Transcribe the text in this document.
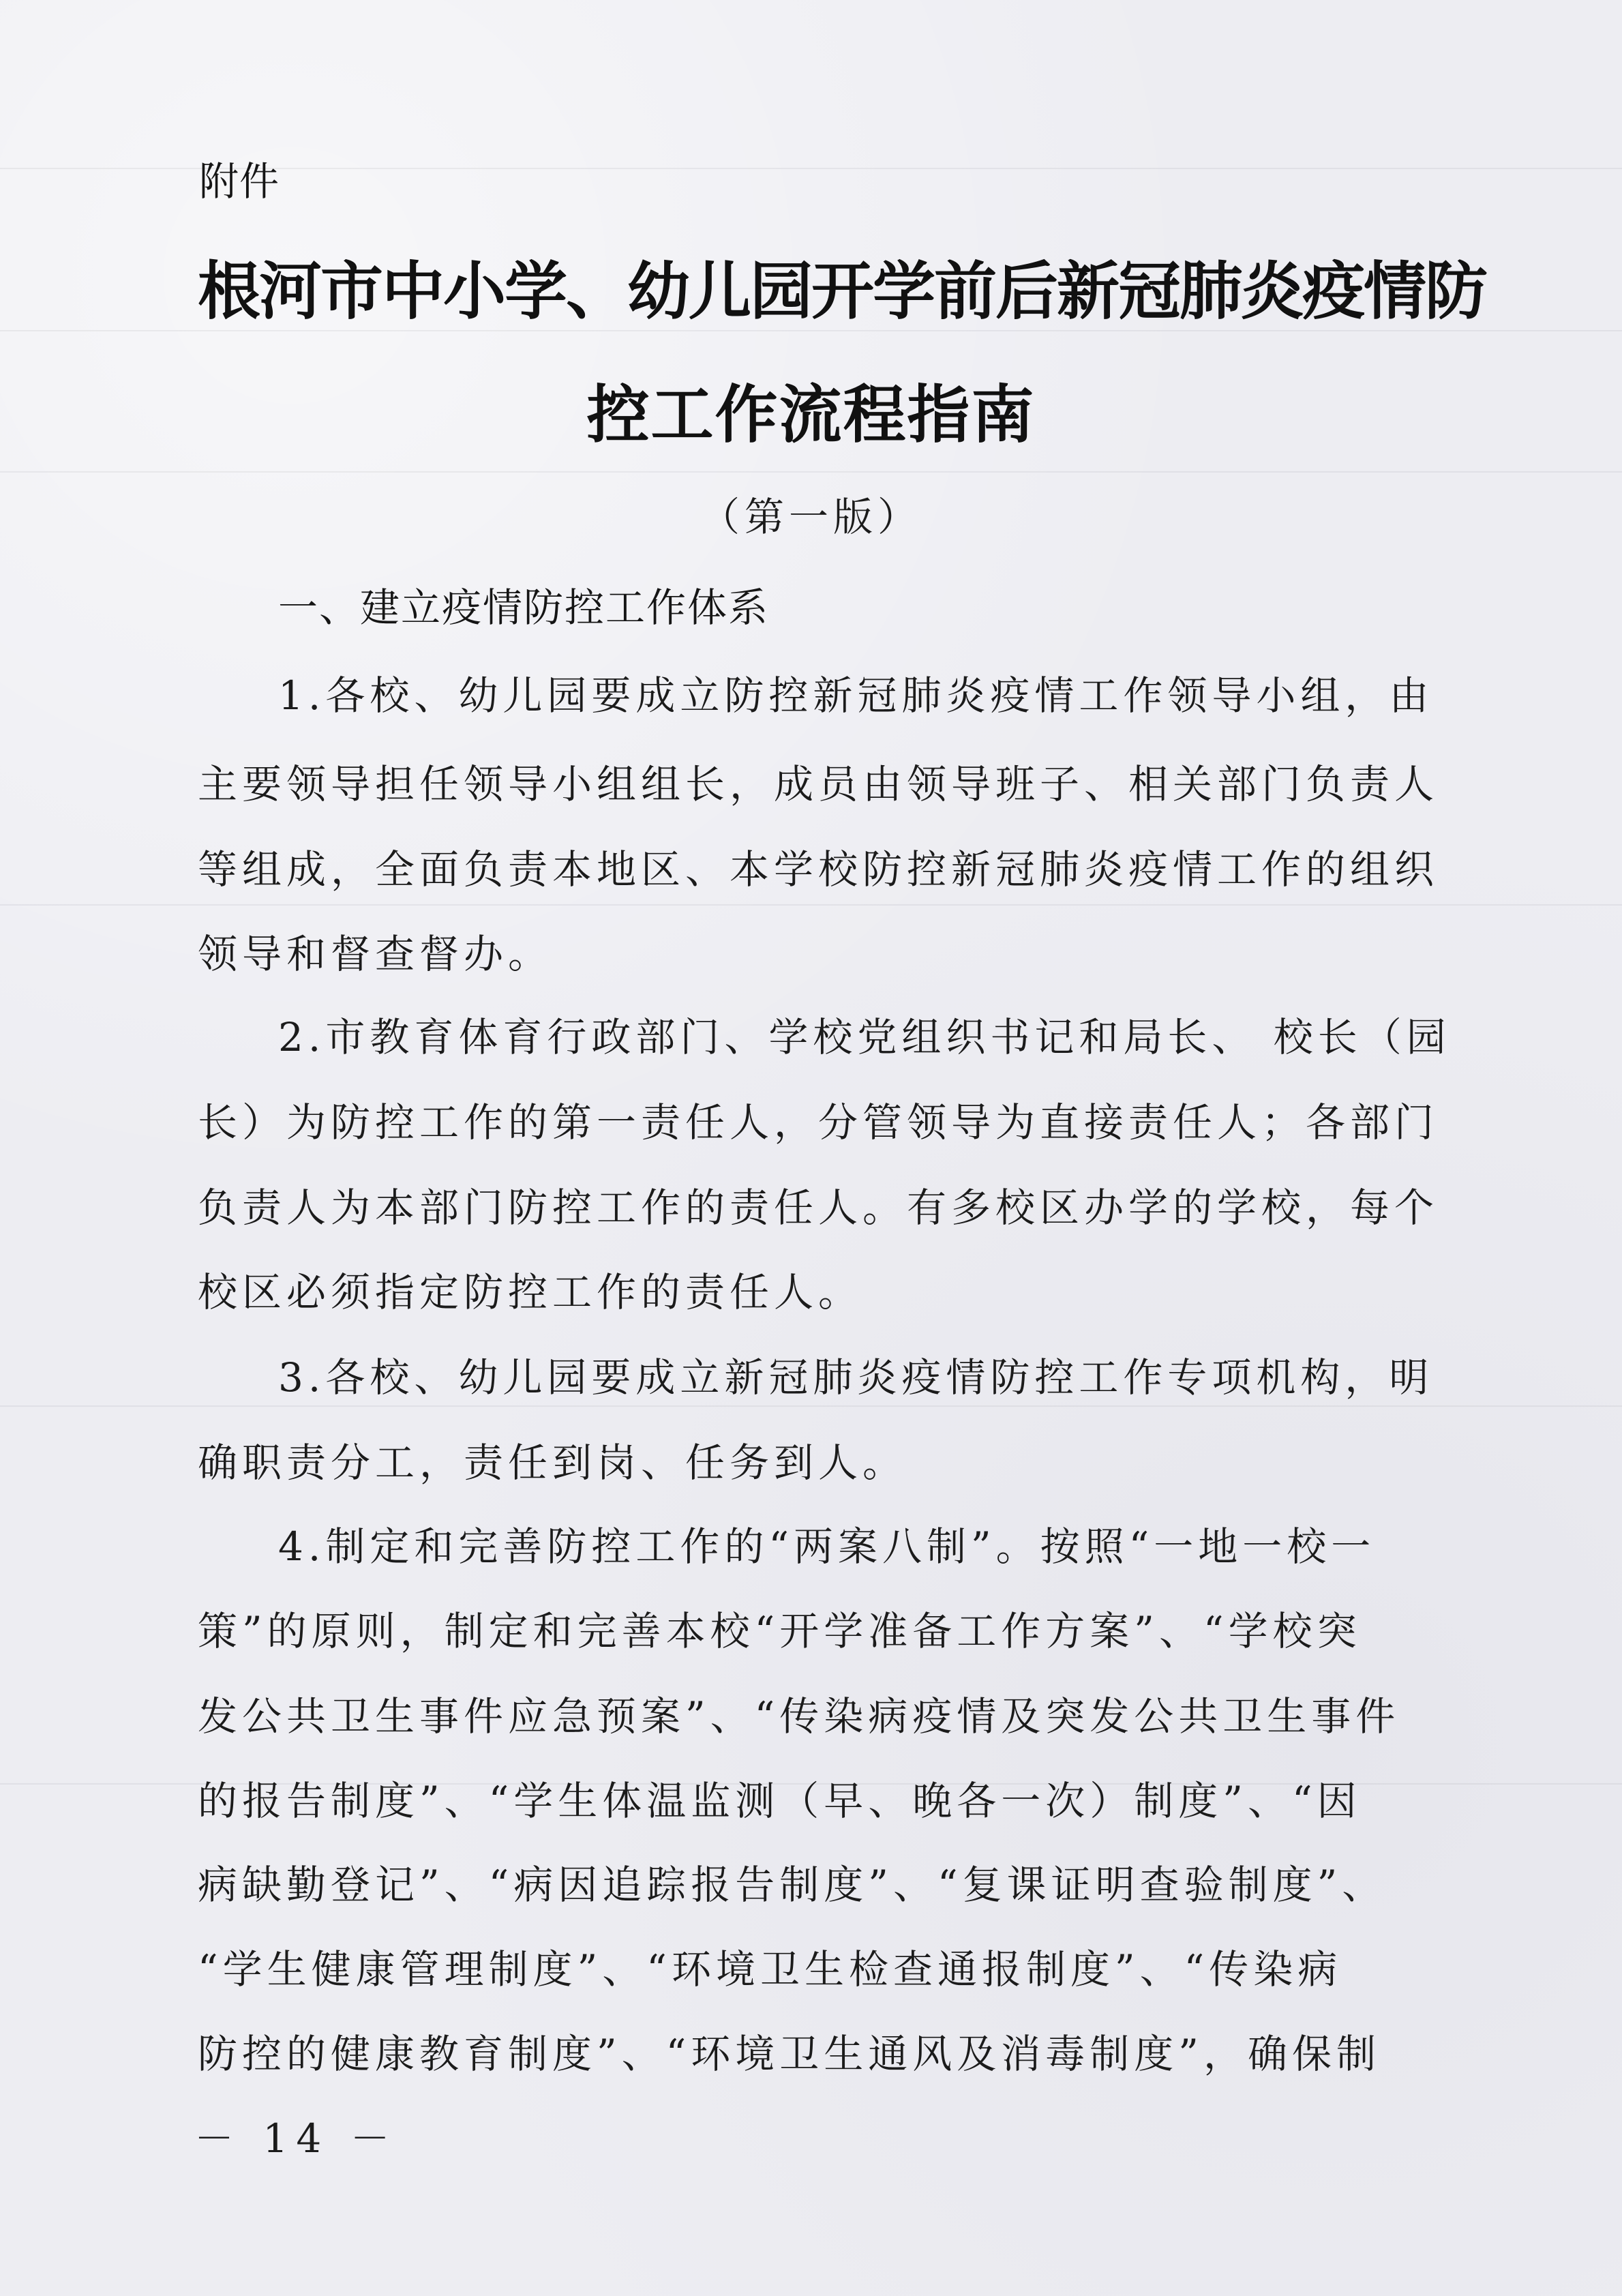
附件
根河市中小学、幼儿园开学前后新冠肺炎疫情防
控工作流程指南
（第一版）
一、建立疫情防控工作体系
1.各校、幼儿园要成立防控新冠肺炎疫情工作领导小组，由
主要领导担任领导小组组长，成员由领导班子、相关部门负责人
等组成，全面负责本地区、本学校防控新冠肺炎疫情工作的组织
领导和督查督办。
2.市教育体育行政部门、学校党组织书记和局长、 校长（园
长）为防控工作的第一责任人，分管领导为直接责任人；各部门
负责人为本部门防控工作的责任人。有多校区办学的学校，每个
校区必须指定防控工作的责任人。
3.各校、幼儿园要成立新冠肺炎疫情防控工作专项机构，明
确职责分工，责任到岗、任务到人。
4.制定和完善防控工作的“两案八制”。按照“一地一校一
策”的原则，制定和完善本校“开学准备工作方案”、“学校突
发公共卫生事件应急预案”、“传染病疫情及突发公共卫生事件
的报告制度”、“学生体温监测（早、晚各一次）制度”、“因
病缺勤登记”、“病因追踪报告制度”、“复课证明查验制度”、
“学生健康管理制度”、“环境卫生检查通报制度”、“传染病
防控的健康教育制度”、“环境卫生通风及消毒制度”，确保制
－ 14 －
